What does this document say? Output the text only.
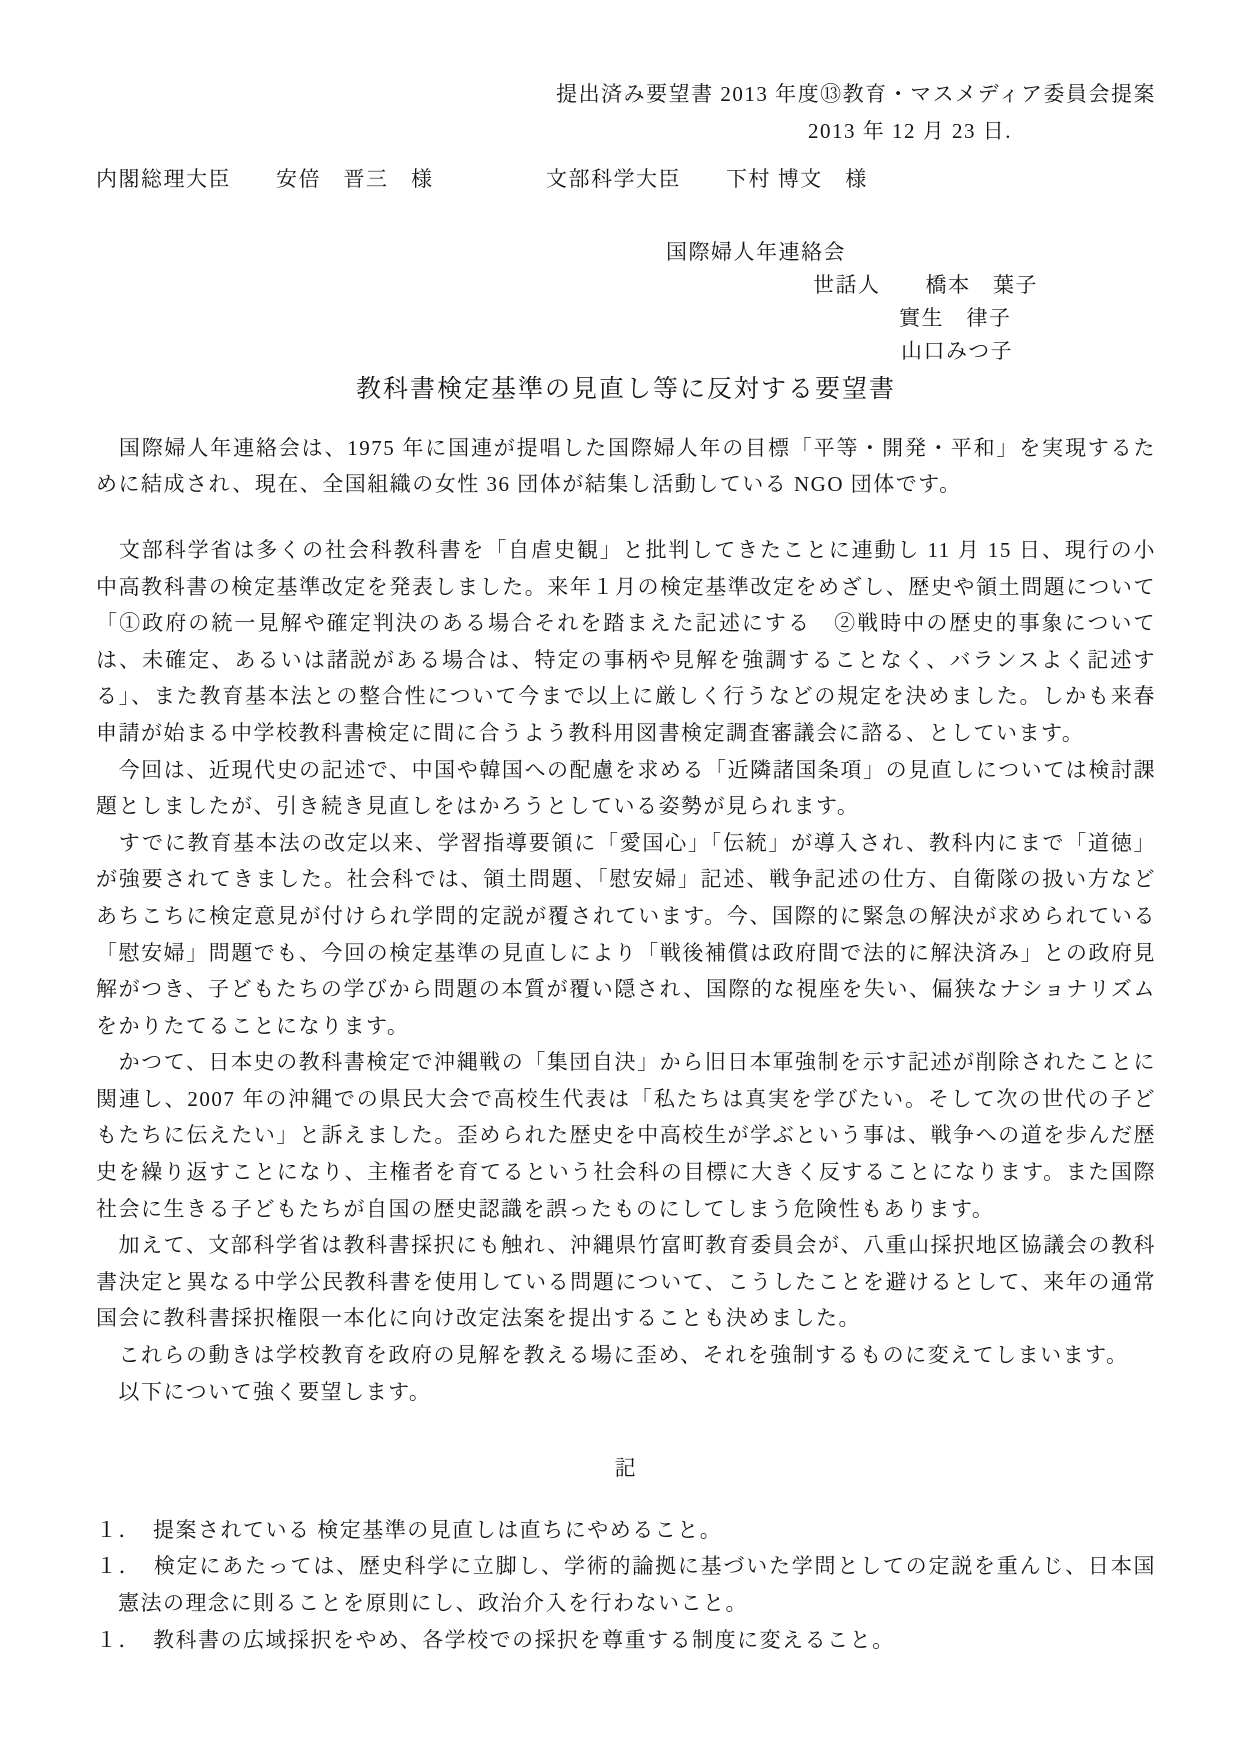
提出済み要望書 2013 年度⑬教育・マスメディア委員会提案
2013 年 12 月 23 日.
内閣総理大臣　　安倍　晋三　様　　　　　文部科学大臣　　下村 博文　様
国際婦人年連絡会
世話人　　橋本　葉子
實生　律子
山口みつ子
教科書検定基準の見直し等に反対する要望書

　国際婦人年連絡会は、1975 年に国連が提唱した国際婦人年の目標「平等・開発・平和」を実現するために結成され、現在、全国組織の女性 36 団体が結集し活動している NGO 団体です。

　文部科学省は多くの社会科教科書を「自虐史観」と批判してきたことに連動し 11 月 15 日、現行の小中高教科書の検定基準改定を発表しました。来年１月の検定基準改定をめざし、歴史や領土問題について「①政府の統一見解や確定判決のある場合それを踏まえた記述にする　②戦時中の歴史的事象については、未確定、あるいは諸説がある場合は、特定の事柄や見解を強調することなく、バランスよく記述する」、また教育基本法との整合性について今まで以上に厳しく行うなどの規定を決めました。しかも来春申請が始まる中学校教科書検定に間に合うよう教科用図書検定調査審議会に諮る、としています。

　今回は、近現代史の記述で、中国や韓国への配慮を求める「近隣諸国条項」の見直しについては検討課題としましたが、引き続き見直しをはかろうとしている姿勢が見られます。

　すでに教育基本法の改定以来、学習指導要領に「愛国心」「伝統」が導入され、教科内にまで「道徳」が強要されてきました。社会科では、領土問題、「慰安婦」記述、戦争記述の仕方、自衛隊の扱い方などあちこちに検定意見が付けられ学問的定説が覆されています。今、国際的に緊急の解決が求められている「慰安婦」問題でも、今回の検定基準の見直しにより「戦後補償は政府間で法的に解決済み」との政府見解がつき、子どもたちの学びから問題の本質が覆い隠され、国際的な視座を失い、偏狭なナショナリズムをかりたてることになります。

　かつて、日本史の教科書検定で沖縄戦の「集団自決」から旧日本軍強制を示す記述が削除されたことに関連し、2007 年の沖縄での県民大会で高校生代表は「私たちは真実を学びたい。そして次の世代の子どもたちに伝えたい」と訴えました。歪められた歴史を中高校生が学ぶという事は、戦争への道を歩んだ歴史を繰り返すことになり、主権者を育てるという社会科の目標に大きく反することになります。また国際社会に生きる子どもたちが自国の歴史認識を誤ったものにしてしまう危険性もあります。

　加えて、文部科学省は教科書採択にも触れ、沖縄県竹富町教育委員会が、八重山採択地区協議会の教科書決定と異なる中学公民教科書を使用している問題について、こうしたことを避けるとして、来年の通常国会に教科書採択権限一本化に向け改定法案を提出することも決めました。

　これらの動きは学校教育を政府の見解を教える場に歪め、それを強制するものに変えてしまいます。

　以下について強く要望します。

記

１．　提案されている 検定基準の見直しは直ちにやめること。

１．　検定にあたっては、歴史科学に立脚し、学術的論拠に基づいた学問としての定説を重んじ、日本国憲法の理念に則ることを原則にし、政治介入を行わないこと。

１．　教科書の広域採択をやめ、各学校での採択を尊重する制度に変えること。
